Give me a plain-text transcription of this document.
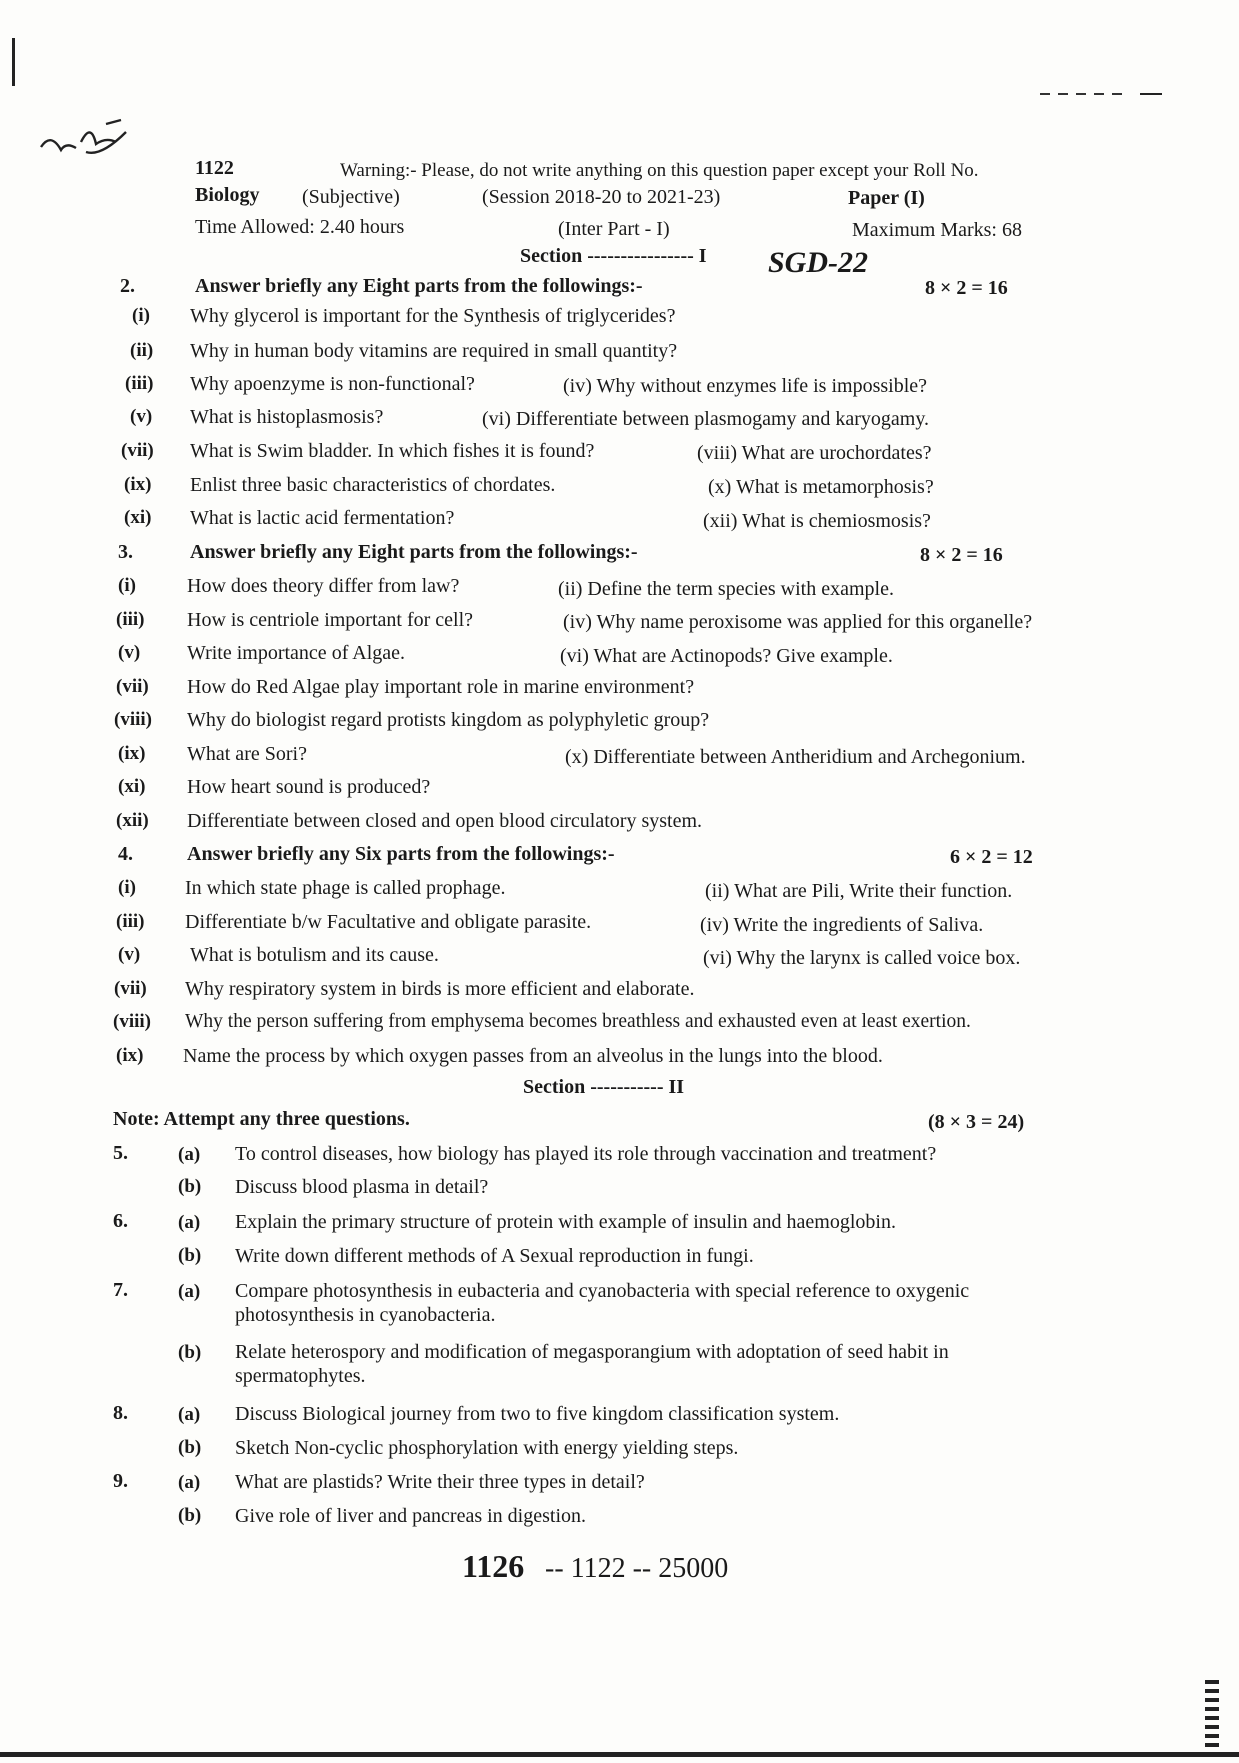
1122	Warning:- Please, do not write anything on this question paper except your Roll No.
Biology (Subjective)	(Session 2018-20 to 2021-23)	Paper (I)
Time Allowed: 2.40 hours	(Inter Part - I)	Maximum Marks: 68
Section ---------------- I SGD-22
2.	Answer briefly any Eight parts from the followings:-	8 × 2 = 16
(i) Why glycerol is important for the Synthesis of triglycerides?
(ii) Why in human body vitamins are required in small quantity?
(iii) Why apoenzyme is non-functional?	(iv) Why without enzymes life is impossible?
(v) What is histoplasmosis?	(vi) Differentiate between plasmogamy and karyogamy.
(vii) What is Swim bladder. In which fishes it is found?	(viii) What are urochordates?
(ix) Enlist three basic characteristics of chordates.	(x) What is metamorphosis?
(xi) What is lactic acid fermentation?	(xii) What is chemiosmosis?
3.	Answer briefly any Eight parts from the followings:-	8 × 2 = 16
(i)	How does theory differ from law?	(ii) Define the term species with example.
(iii) How is centriole important for cell?	(iv) Why name peroxisome was applied for this organelle?
(v) Write importance of Algae.	(vi) What are Actinopods? Give example.
(vii) How do Red Algae play important role in marine environment?
(viii) Why do biologist regard protists kingdom as polyphyletic group?
(ix) What are Sori?	(x) Differentiate between Antheridium and Archegonium.
(xi) How heart sound is produced?
(xii) Differentiate between closed and open blood circulatory system.
4.	Answer briefly any Six parts from the followings:-	6 × 2 = 12
(i) In which state phage is called prophage.	(ii) What are Pili, Write their function.
(iii) Differentiate b/w Facultative and obligate parasite.	(iv) Write the ingredients of Saliva.
(v) What is botulism and its cause.	(vi) Why the larynx is called voice box.
(vii) Why respiratory system in birds is more efficient and elaborate.
(viii) Why the person suffering from emphysema becomes breathless and exhausted even at least exertion.
(ix) Name the process by which oxygen passes from an alveolus in the lungs into the blood.
Section ----------- II
Note: Attempt any three questions.	(8 × 3 = 24)
5.	(a) To control diseases, how biology has played its role through vaccination and treatment?
(b) Discuss blood plasma in detail?
6.	(a) Explain the primary structure of protein with example of insulin and haemoglobin.
(b) Write down different methods of A Sexual reproduction in fungi.
7.	(a) Compare photosynthesis in eubacteria and cyanobacteria with special reference to oxygenic
photosynthesis in cyanobacteria.
(b) Relate heterospory and modification of megasporangium with adoptation of seed habit in
spermatophytes.
8.	(a) Discuss Biological journey from two to five kingdom classification system.
(b) Sketch Non-cyclic phosphorylation with energy yielding steps.
9.	(a) What are plastids? Write their three types in detail?
(b) Give role of liver and pancreas in digestion.
1126 -- 1122 -- 25000
